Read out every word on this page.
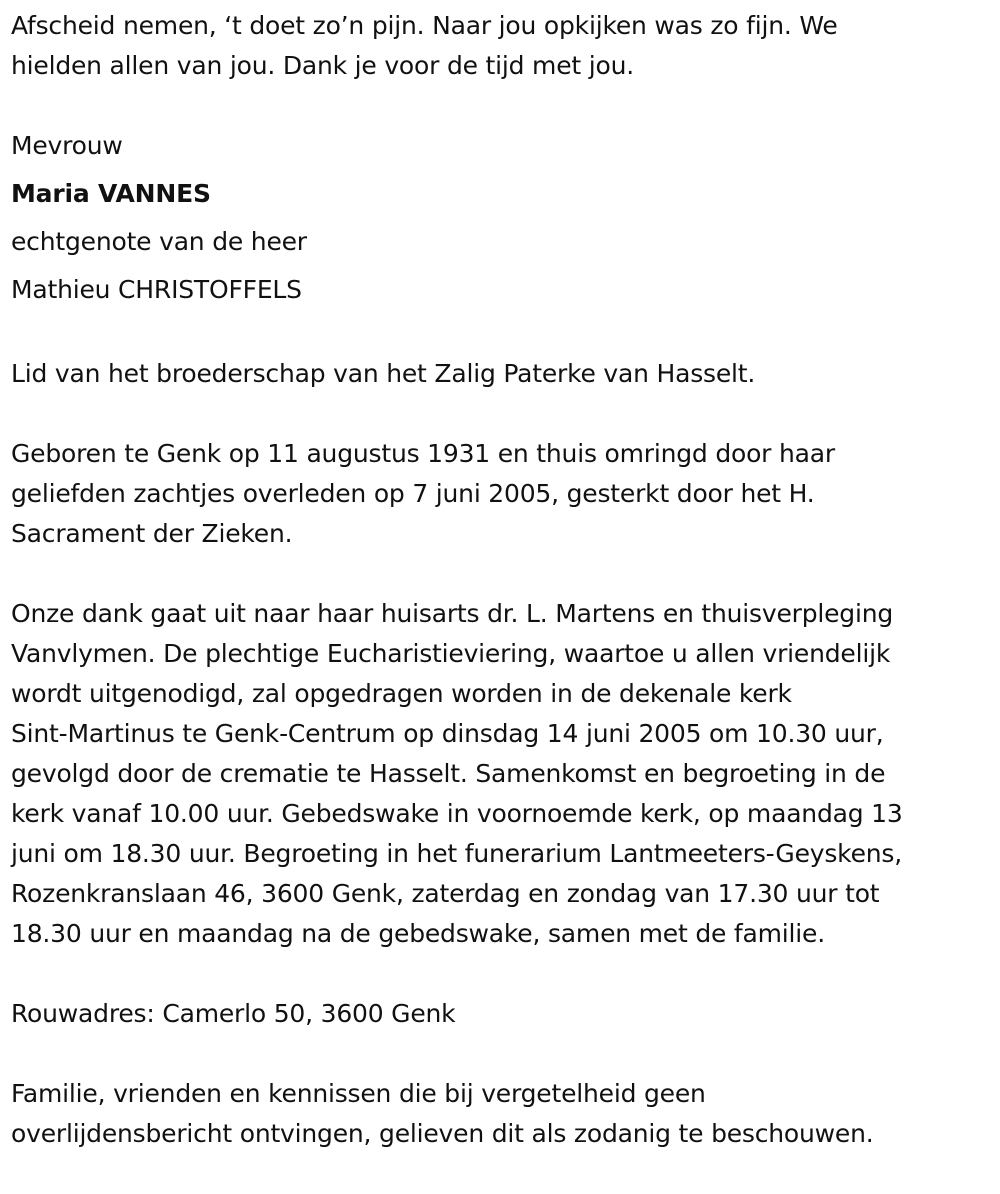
Afscheid nemen, ‘t doet zo’n pijn. Naar jou opkijken was zo fijn. We
hielden allen van jou. Dank je voor de tijd met jou.
Mevrouw
Maria VANNES
echtgenote van de heer
Mathieu CHRISTOFFELS
Lid van het broederschap van het Zalig Paterke van Hasselt.
Geboren te Genk op 11 augustus 1931 en thuis omringd door haar
geliefden zachtjes overleden op 7 juni 2005, gesterkt door het H.
Sacrament der Zieken.
Onze dank gaat uit naar haar huisarts dr. L. Martens en thuisverpleging
Vanvlymen. De plechtige Eucharistieviering, waartoe u allen vriendelijk
wordt uitgenodigd, zal opgedragen worden in de dekenale kerk
Sint-Martinus te Genk-Centrum op dinsdag 14 juni 2005 om 10.30 uur,
gevolgd door de crematie te Hasselt. Samenkomst en begroeting in de
kerk vanaf 10.00 uur. Gebedswake in voornoemde kerk, op maandag 13
juni om 18.30 uur. Begroeting in het funerarium Lantmeeters-Geyskens,
Rozenkranslaan 46, 3600 Genk, zaterdag en zondag van 17.30 uur tot
18.30 uur en maandag na de gebedswake, samen met de familie.
Rouwadres: Camerlo 50, 3600 Genk
Familie, vrienden en kennissen die bij vergetelheid geen
overlijdensbericht ontvingen, gelieven dit als zodanig te beschouwen.
